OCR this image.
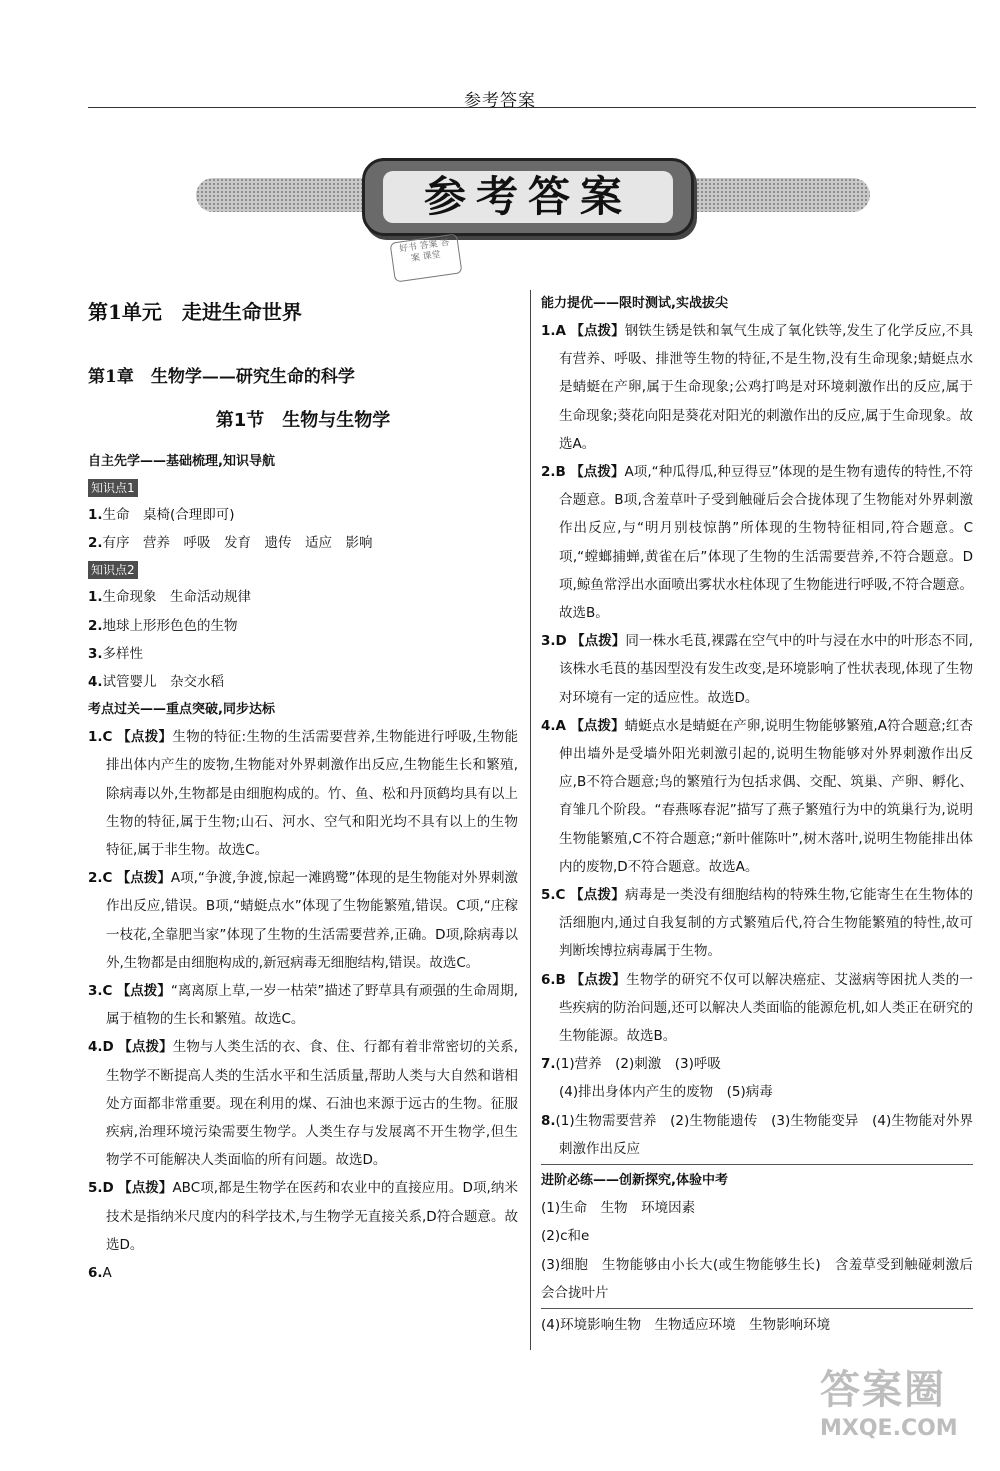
参考答案
参考答案
好书 答案 答案 课堂
第1单元　走进生命世界
第1章　生物学——研究生命的科学
第1节　生物与生物学
自主先学——基础梳理,知识导航
知识点1

1.生命　桌椅(合理即可)

2.有序　营养　呼吸　发育　遗传　适应　影响

知识点2

1.生命现象　生命活动规律

2.地球上形形色色的生物

3.多样性

4.试管婴儿　杂交水稻

考点过关——重点突破,同步达标

1.C 【点拨】生物的特征:生物的生活需要营养,生物能进行呼吸,生物能排出体内产生的废物,生物能对外界刺激作出反应,生物能生长和繁殖,除病毒以外,生物都是由细胞构成的。竹、鱼、松和丹顶鹤均具有以上生物的特征,属于生物;山石、河水、空气和阳光均不具有以上的生物特征,属于非生物。故选C。

2.C 【点拨】A项,“争渡,争渡,惊起一滩鸥鹭”体现的是生物能对外界刺激作出反应,错误。B项,“蜻蜓点水”体现了生物能繁殖,错误。C项,“庄稼一枝花,全靠肥当家”体现了生物的生活需要营养,正确。D项,除病毒以外,生物都是由细胞构成的,新冠病毒无细胞结构,错误。故选C。

3.C 【点拨】“离离原上草,一岁一枯荣”描述了野草具有顽强的生命周期,属于植物的生长和繁殖。故选C。

4.D 【点拨】生物与人类生活的衣、食、住、行都有着非常密切的关系,生物学不断提高人类的生活水平和生活质量,帮助人类与大自然和谐相处方面都非常重要。现在利用的煤、石油也来源于远古的生物。征服疾病,治理环境污染需要生物学。人类生存与发展离不开生物学,但生物学不可能解决人类面临的所有问题。故选D。

5.D 【点拨】ABC项,都是生物学在医药和农业中的直接应用。D项,纳米技术是指纳米尺度内的科学技术,与生物学无直接关系,D符合题意。故选D。

6.A

能力提优——限时测试,实战拔尖

1.A 【点拨】钢铁生锈是铁和氧气生成了氧化铁等,发生了化学反应,不具有营养、呼吸、排泄等生物的特征,不是生物,没有生命现象;蜻蜓点水是蜻蜓在产卵,属于生命现象;公鸡打鸣是对环境刺激作出的反应,属于生命现象;葵花向阳是葵花对阳光的刺激作出的反应,属于生命现象。故选A。

2.B 【点拨】A项,“种瓜得瓜,种豆得豆”体现的是生物有遗传的特性,不符合题意。B项,含羞草叶子受到触碰后会合拢体现了生物能对外界刺激作出反应,与“明月别枝惊鹊”所体现的生物特征相同,符合题意。C项,“螳螂捕蝉,黄雀在后”体现了生物的生活需要营养,不符合题意。D项,鲸鱼常浮出水面喷出雾状水柱体现了生物能进行呼吸,不符合题意。故选B。

3.D 【点拨】同一株水毛茛,裸露在空气中的叶与浸在水中的叶形态不同,该株水毛茛的基因型没有发生改变,是环境影响了性状表现,体现了生物对环境有一定的适应性。故选D。

4.A 【点拨】蜻蜓点水是蜻蜓在产卵,说明生物能够繁殖,A符合题意;红杏伸出墙外是受墙外阳光刺激引起的,说明生物能够对外界刺激作出反应,B不符合题意;鸟的繁殖行为包括求偶、交配、筑巢、产卵、孵化、育雏几个阶段。“春燕啄春泥”描写了燕子繁殖行为中的筑巢行为,说明生物能繁殖,C不符合题意;“新叶催陈叶”,树木落叶,说明生物能排出体内的废物,D不符合题意。故选A。

5.C 【点拨】病毒是一类没有细胞结构的特殊生物,它能寄生在生物体的活细胞内,通过自我复制的方式繁殖后代,符合生物能繁殖的特性,故可判断埃博拉病毒属于生物。

6.B 【点拨】生物学的研究不仅可以解决癌症、艾滋病等困扰人类的一些疾病的防治问题,还可以解决人类面临的能源危机,如人类正在研究的生物能源。故选B。

7.(1)营养　(2)刺激　(3)呼吸

(4)排出身体内产生的废物　(5)病毒

8.(1)生物需要营养　(2)生物能遗传　(3)生物能变异　(4)生物能对外界刺激作出反应

进阶必练——创新探究,体验中考

(1)生命　生物　环境因素

(2)c和e

(3)细胞　生物能够由小长大(或生物能够生长)　含羞草受到触碰刺激后会合拢叶片

(4)环境影响生物　生物适应环境　生物影响环境

答案圈
MXQE.COM
